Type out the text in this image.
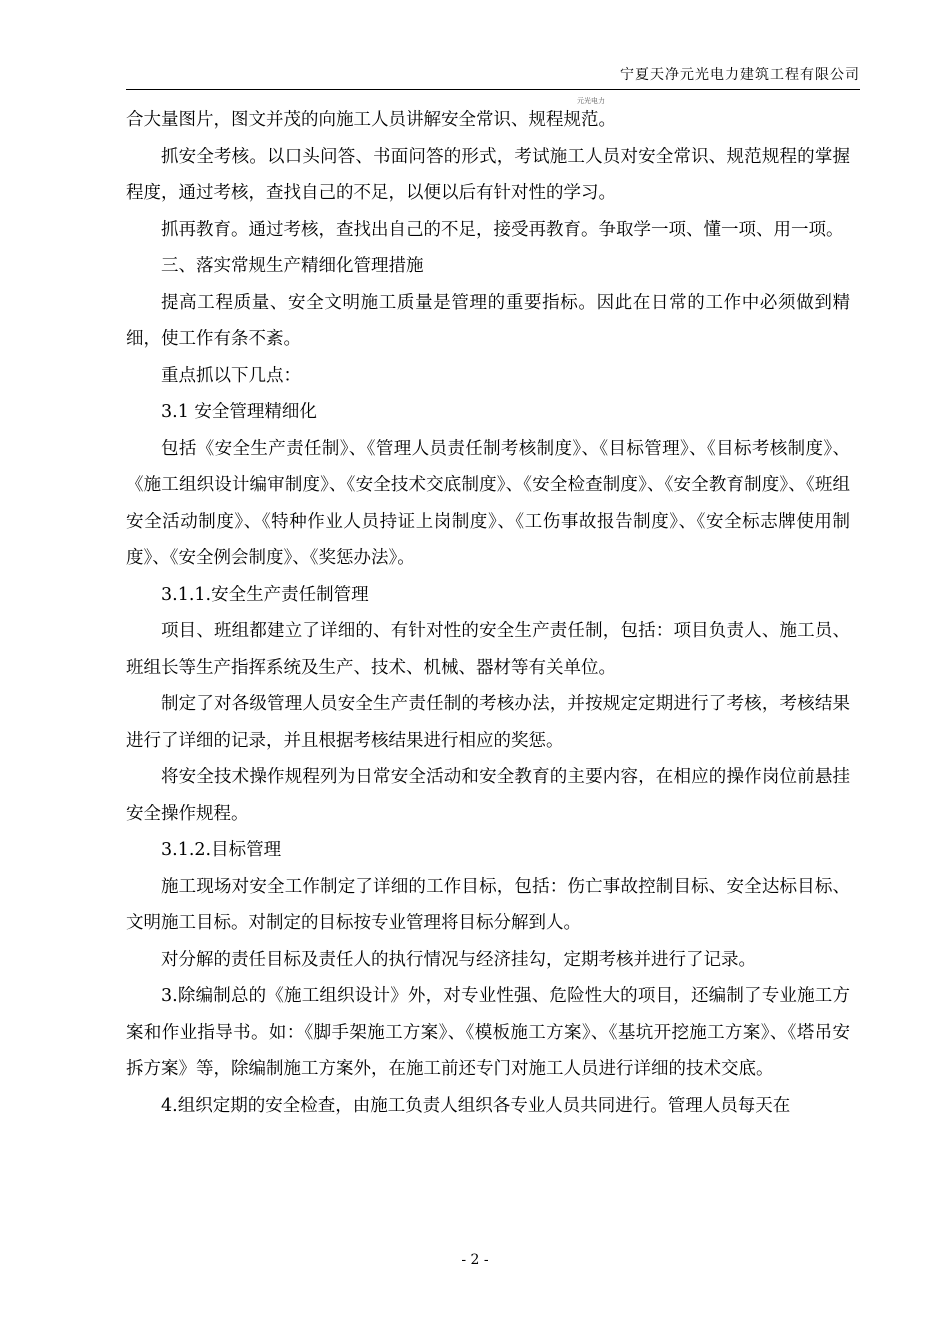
宁夏天净元光电力建筑工程有限公司
元光电力

合大量图片，图文并茂的向施工人员讲解安全常识、规程规范。

抓安全考核。以口头问答、书面问答的形式，考试施工人员对安全常识、规范规程的掌握程度，通过考核，查找自己的不足，以便以后有针对性的学习。

抓再教育。通过考核，查找出自己的不足，接受再教育。争取学一项、懂一项、用一项。

三、落实常规生产精细化管理措施

提高工程质量、安全文明施工质量是管理的重要指标。因此在日常的工作中必须做到精细，使工作有条不紊。

重点抓以下几点：

3.1 安全管理精细化

包括《安全生产责任制》、《管理人员责任制考核制度》、《目标管理》、《目标考核制度》、《施工组织设计编审制度》、《安全技术交底制度》、《安全检查制度》、《安全教育制度》、《班组安全活动制度》、《特种作业人员持证上岗制度》、《工伤事故报告制度》、《安全标志牌使用制度》、《安全例会制度》、《奖惩办法》。

3.1.1.安全生产责任制管理

项目、班组都建立了详细的、有针对性的安全生产责任制，包括：项目负责人、施工员、班组长等生产指挥系统及生产、技术、机械、器材等有关单位。

制定了对各级管理人员安全生产责任制的考核办法，并按规定定期进行了考核，考核结果进行了详细的记录，并且根据考核结果进行相应的奖惩。

将安全技术操作规程列为日常安全活动和安全教育的主要内容，在相应的操作岗位前悬挂安全操作规程。

3.1.2.目标管理

施工现场对安全工作制定了详细的工作目标，包括：伤亡事故控制目标、安全达标目标、文明施工目标。对制定的目标按专业管理将目标分解到人。

对分解的责任目标及责任人的执行情况与经济挂勾，定期考核并进行了记录。

3.除编制总的《施工组织设计》外，对专业性强、危险性大的项目，还编制了专业施工方案和作业指导书。如：《脚手架施工方案》、《模板施工方案》、《基坑开挖施工方案》、《塔吊安拆方案》等，除编制施工方案外，在施工前还专门对施工人员进行详细的技术交底。

4.组织定期的安全检查，由施工负责人组织各专业人员共同进行。管理人员每天在

- 2 -
